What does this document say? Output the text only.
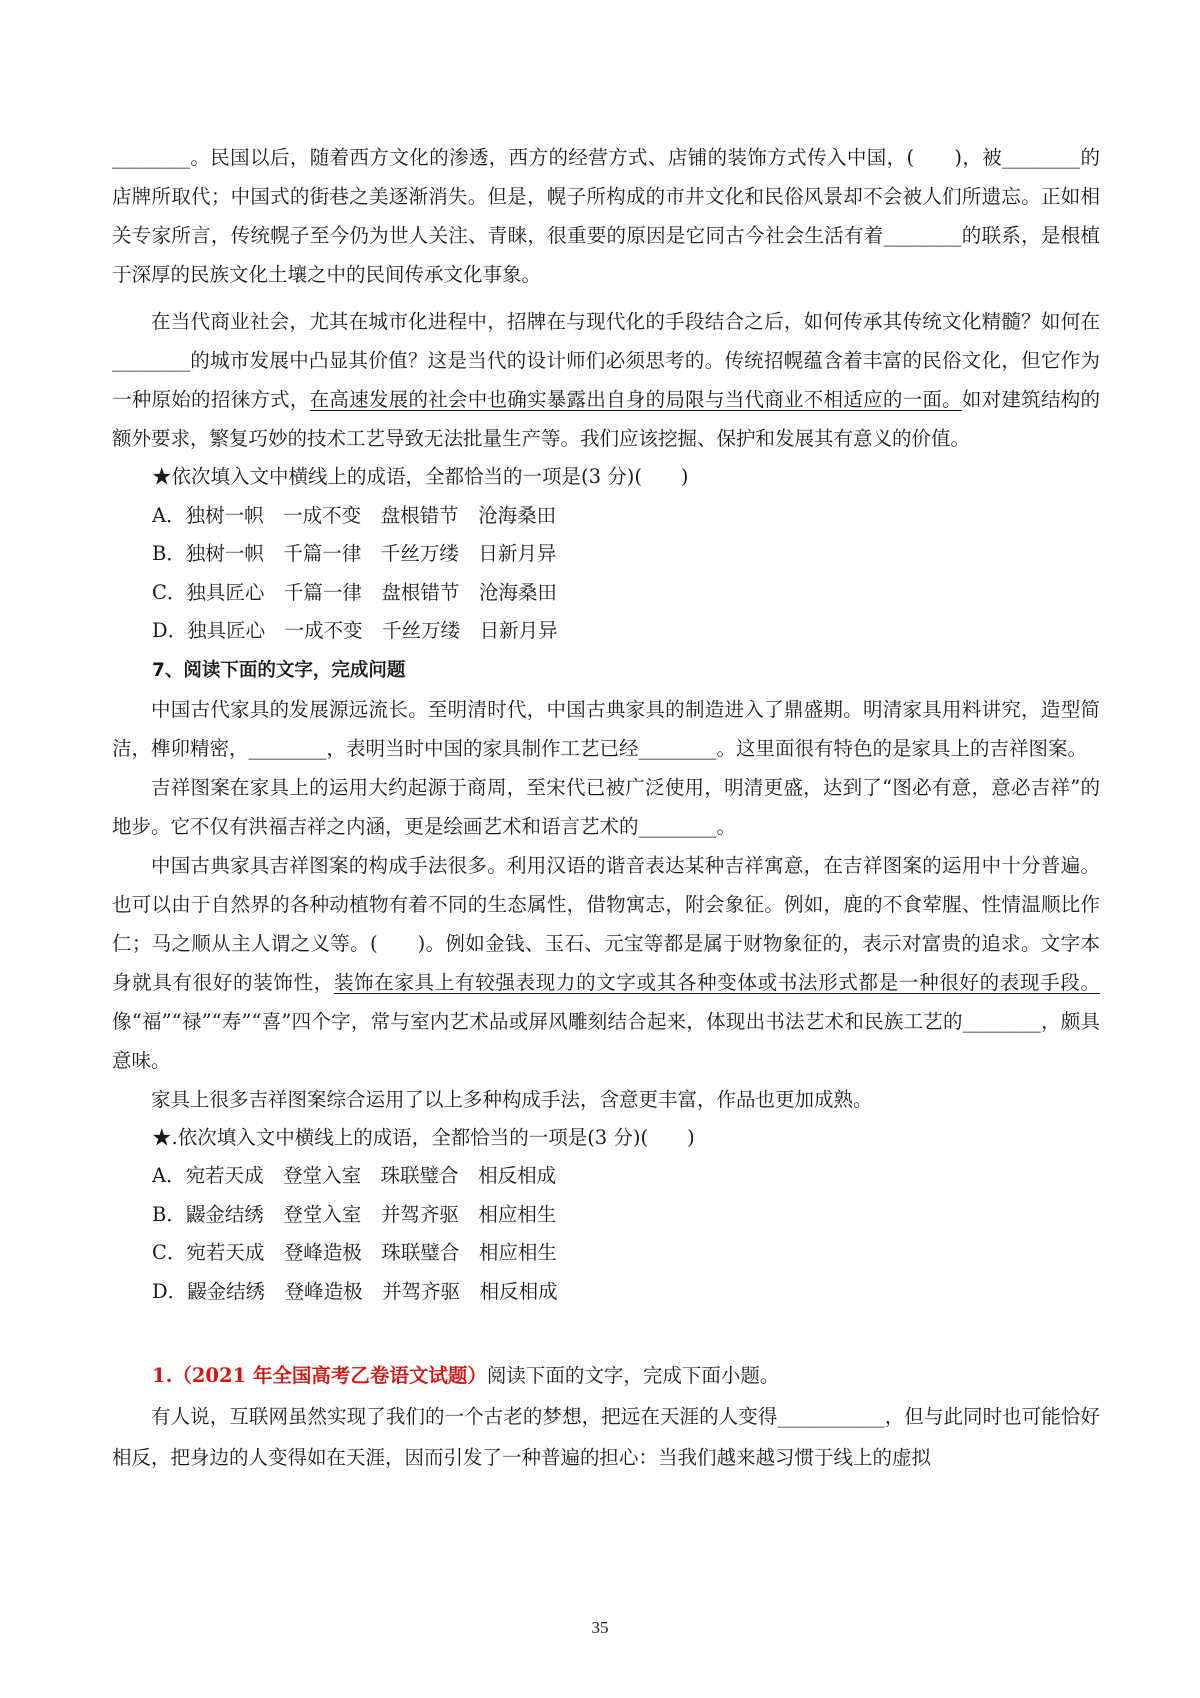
________。民国以后，随着西方文化的渗透，西方的经营方式、店铺的装饰方式传入中国，(　　)，被________的店牌所取代；中国式的街巷之美逐渐消失。但是，幌子所构成的市井文化和民俗风景却不会被人们所遗忘。正如相关专家所言，传统幌子至今仍为世人关注、青睐，很重要的原因是它同古今社会生活有着________的联系，是根植于深厚的民族文化土壤之中的民间传承文化事象。

在当代商业社会，尤其在城市化进程中，招牌在与现代化的手段结合之后，如何传承其传统文化精髓？如何在________的城市发展中凸显其价值？这是当代的设计师们必须思考的。传统招幌蕴含着丰富的民俗文化，但它作为一种原始的招徕方式，在高速发展的社会中也确实暴露出自身的局限与当代商业不相适应的一面。如对建筑结构的额外要求，繁复巧妙的技术工艺导致无法批量生产等。我们应该挖掘、保护和发展其有意义的价值。

★依次填入文中横线上的成语，全都恰当的一项是(3 分)(　　)

A．独树一帜　一成不变　盘根错节　沧海桑田

B．独树一帜　千篇一律　千丝万缕　日新月异

C．独具匠心　千篇一律　盘根错节　沧海桑田

D．独具匠心　一成不变　千丝万缕　日新月异

7、阅读下面的文字，完成问题

中国古代家具的发展源远流长。至明清时代，中国古典家具的制造进入了鼎盛期。明清家具用料讲究，造型简洁，榫卯精密，________，表明当时中国的家具制作工艺已经________。这里面很有特色的是家具上的吉祥图案。

吉祥图案在家具上的运用大约起源于商周，至宋代已被广泛使用，明清更盛，达到了“图必有意，意必吉祥”的地步。它不仅有洪福吉祥之内涵，更是绘画艺术和语言艺术的________。

中国古典家具吉祥图案的构成手法很多。利用汉语的谐音表达某种吉祥寓意，在吉祥图案的运用中十分普遍。也可以由于自然界的各种动植物有着不同的生态属性，借物寓志，附会象征。例如，鹿的不食荤腥、性情温顺比作仁；马之顺从主人谓之义等。(　　)。例如金钱、玉石、元宝等都是属于财物象征的，表示对富贵的追求。文字本身就具有很好的装饰性，装饰在家具上有较强表现力的文字或其各种变体或书法形式都是一种很好的表现手段。像“福”“禄”“寿”“喜”四个字，常与室内艺术品或屏风雕刻结合起来，体现出书法艺术和民族工艺的________，颇具意味。

家具上很多吉祥图案综合运用了以上多种构成手法，含意更丰富，作品也更加成熟。

★.依次填入文中横线上的成语，全都恰当的一项是(3 分)(　　)

A．宛若天成　登堂入室　珠联璧合　相反相成

B．鼹金结绣　登堂入室　并驾齐驱　相应相生

C．宛若天成　登峰造极　珠联璧合　相应相生

D．鼹金结绣　登峰造极　并驾齐驱　相反相成

1.（2021 年全国高考乙卷语文试题）阅读下面的文字，完成下面小题。

有人说，互联网虽然实现了我们的一个古老的梦想，把远在天涯的人变得___________，但与此同时也可能恰好相反，把身边的人变得如在天涯，因而引发了一种普遍的担心：当我们越来越习惯于线上的虚拟

35
